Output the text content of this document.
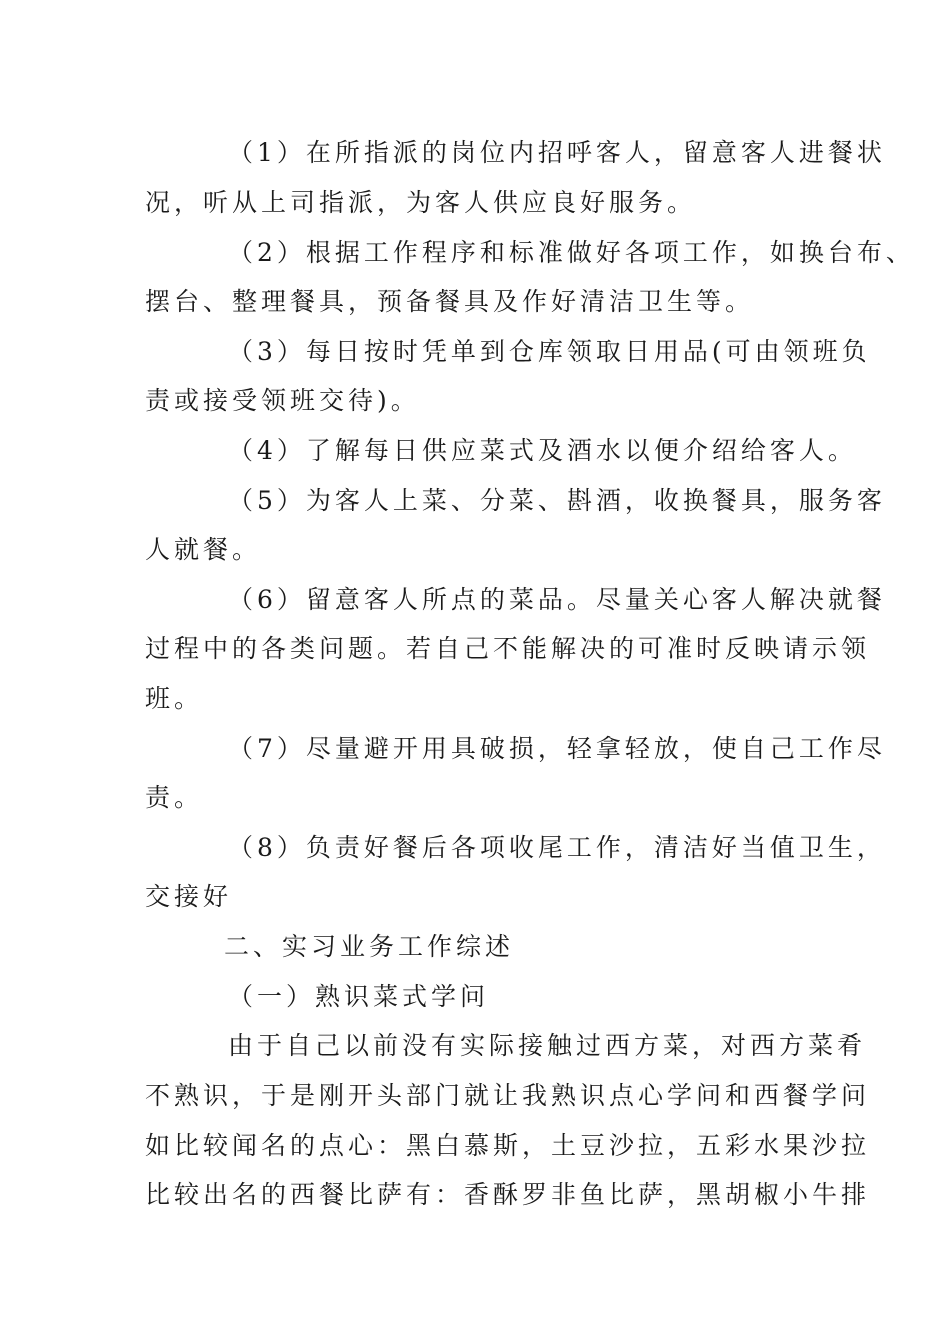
（1）在所指派的岗位内招呼客人，留意客人进餐状
况，听从上司指派，为客人供应良好服务。
（2）根据工作程序和标准做好各项工作，如换台布、
摆台、整理餐具，预备餐具及作好清洁卫生等。
（3）每日按时凭单到仓库领取日用品(可由领班负
责或接受领班交待)。
（4）了解每日供应菜式及酒水以便介绍给客人。
（5）为客人上菜、分菜、斟酒，收换餐具，服务客
人就餐。
（6）留意客人所点的菜品。尽量关心客人解决就餐
过程中的各类问题。若自己不能解决的可准时反映请示领
班。
（7）尽量避开用具破损，轻拿轻放，使自己工作尽
责。
（8）负责好餐后各项收尾工作，清洁好当值卫生，
交接好
二、实习业务工作综述
（一）熟识菜式学问
由于自己以前没有实际接触过西方菜，对西方菜肴
不熟识，于是刚开头部门就让我熟识点心学问和西餐学问
如比较闻名的点心：黑白慕斯，土豆沙拉，五彩水果沙拉
比较出名的西餐比萨有：香酥罗非鱼比萨，黑胡椒小牛排
